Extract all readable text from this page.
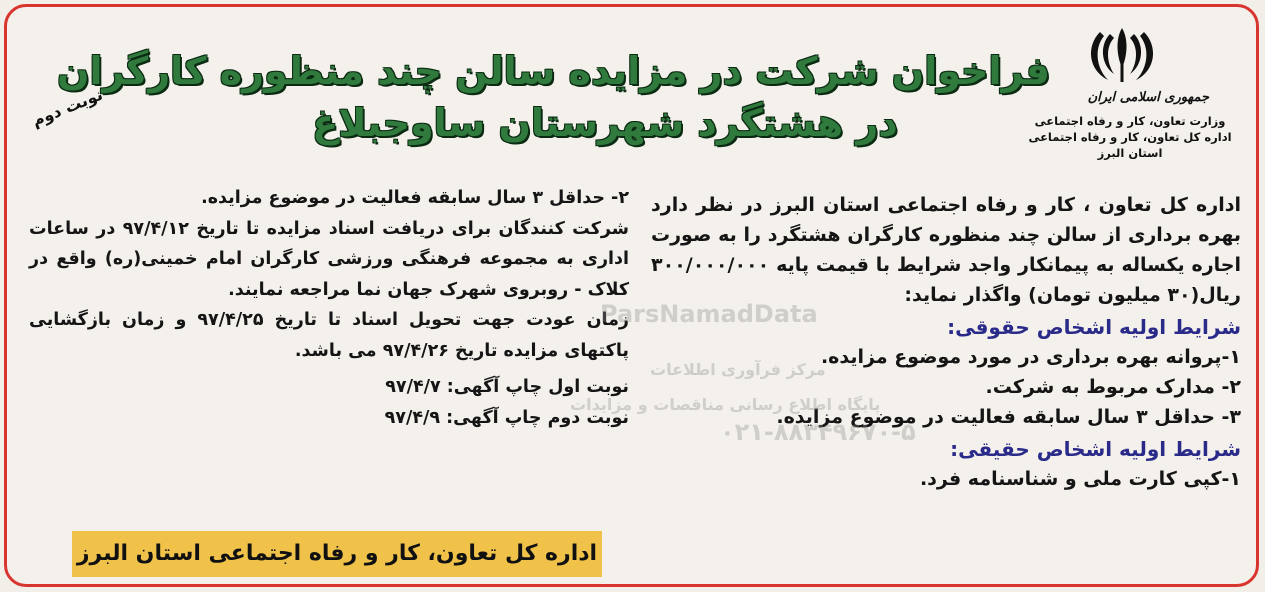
جمهوری اسلامی ایران
وزارت تعاون، کار و رفاه اجتماعی
اداره کل تعاون، کار و رفاه اجتماعی
استان البرز
فراخوان شرکت در مزایده سالن چند منظوره کارگران
در هشتگرد شهرستان ساوجبلاغ
نوبت دوم

اداره کل تعاون ، کار و رفاه اجتماعی استان البرز در نظر دارد بهره برداری از سالن چند منظوره کارگران هشتگرد را به صورت اجاره یکساله به پیمانکار واجد شرایط با قیمت پایه ۳۰۰/۰۰۰/۰۰۰ ریال(۳۰ میلیون تومان) واگذار نماید:

شرایط اولیه اشخاص حقوقی:

۱-پروانه بهره برداری در مورد موضوع مزایده.

۲- مدارک مربوط به شرکت.

۳- حداقل ۳ سال سابقه فعالیت در موضوع مزایده.

شرایط اولیه اشخاص حقیقی:

۱-کپی کارت ملی و شناسنامه فرد.

۲- حداقل ۳ سال سابقه فعالیت در موضوع مزایده.

شرکت کنندگان برای دریافت اسناد مزایده تا تاریخ ۹۷/۴/۱۲ در ساعات اداری به مجموعه فرهنگی ورزشی کارگران امام خمینی(ره) واقع در کلاک - روبروی شهرک جهان نما مراجعه نمایند.

زمان عودت جهت تحویل اسناد تا تاریخ ۹۷/۴/۲۵ و زمان بازگشایی پاکتهای مزایده تاریخ ۹۷/۴/۲۶ می باشد.

نوبت اول چاپ آگهی: ۹۷/۴/۷

نوبت دوم چاپ آگهی: ۹۷/۴/۹

اداره کل تعاون، کار و رفاه اجتماعی استان البرز
ParsNamadData
مرکز فرآوری اطلاعات
پایگاه اطلاع رسانی مناقصات و مزایدات
۰۲۱-۸۸۳۴۹۶۷۰-۵
